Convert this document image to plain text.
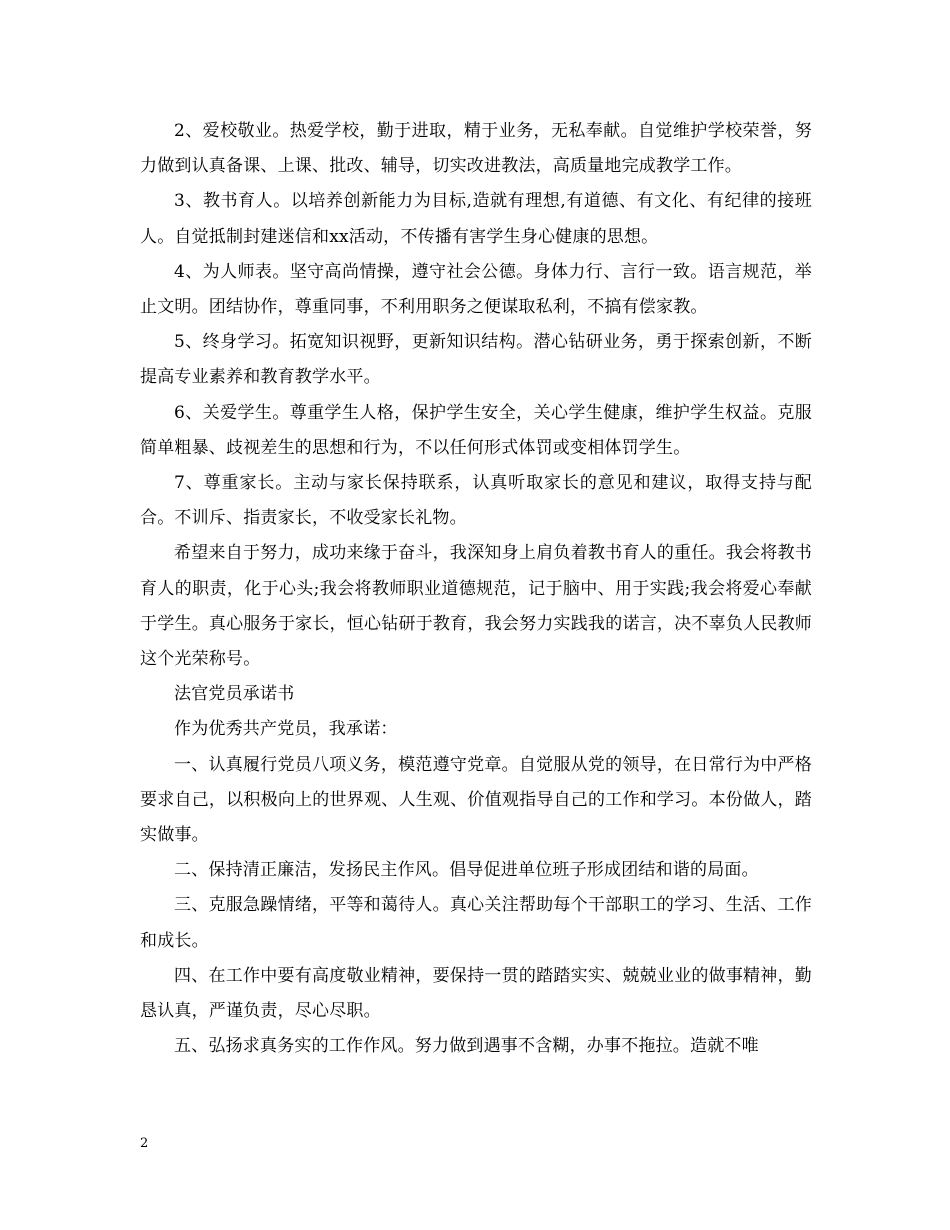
2、爱校敬业。热爱学校，勤于进取，精于业务，无私奉献。自觉维护学校荣誉，努力做到认真备课、上课、批改、辅导，切实改进教法，高质量地完成教学工作。

3、教书育人。以培养创新能力为目标,造就有理想,有道德、有文化、有纪律的接班人。自觉抵制封建迷信和xx活动，不传播有害学生身心健康的思想。

4、为人师表。坚守高尚情操，遵守社会公德。身体力行、言行一致。语言规范，举止文明。团结协作，尊重同事，不利用职务之便谋取私利，不搞有偿家教。

5、终身学习。拓宽知识视野，更新知识结构。潜心钻研业务，勇于探索创新，不断提高专业素养和教育教学水平。

6、关爱学生。尊重学生人格，保护学生安全，关心学生健康，维护学生权益。克服简单粗暴、歧视差生的思想和行为，不以任何形式体罚或变相体罚学生。

7、尊重家长。主动与家长保持联系，认真听取家长的意见和建议，取得支持与配合。不训斥、指责家长，不收受家长礼物。

希望来自于努力，成功来缘于奋斗，我深知身上肩负着教书育人的重任。我会将教书育人的职责，化于心头;我会将教师职业道德规范，记于脑中、用于实践;我会将爱心奉献于学生。真心服务于家长，恒心钻研于教育，我会努力实践我的诺言，决不辜负人民教师这个光荣称号。

法官党员承诺书

作为优秀共产党员，我承诺：

一、认真履行党员八项义务，模范遵守党章。自觉服从党的领导，在日常行为中严格要求自己，以积极向上的世界观、人生观、价值观指导自己的工作和学习。本份做人，踏实做事。

二、保持清正廉洁，发扬民主作风。倡导促进单位班子形成团结和谐的局面。

三、克服急躁情绪，平等和蔼待人。真心关注帮助每个干部职工的学习、生活、工作和成长。

四、在工作中要有高度敬业精神，要保持一贯的踏踏实实、兢兢业业的做事精神，勤恳认真，严谨负责，尽心尽职。

五、弘扬求真务实的工作作风。努力做到遇事不含糊，办事不拖拉。造就不唯

2
